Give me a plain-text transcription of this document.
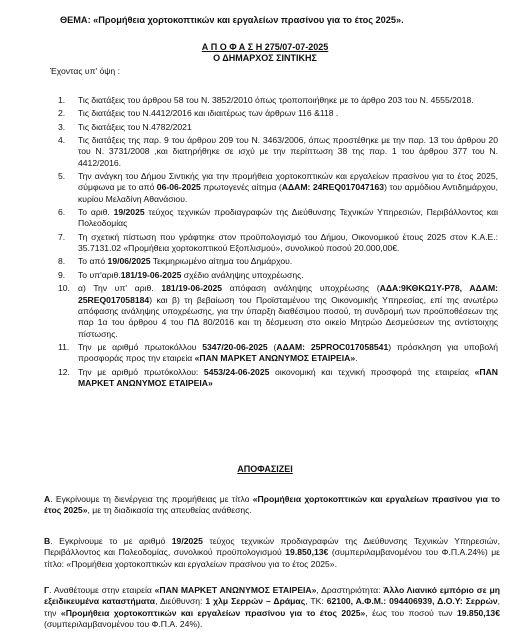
ΘΕΜΑ: «Προμήθεια χορτοκοπτικών και εργαλείων πρασίνου για το έτος 2025».
Α Π Ο Φ Α Σ Η 275/07-07-2025
Ο ΔΗΜΑΡΧΟΣ ΣΙΝΤΙΚΗΣ
Έχοντας υπ' όψη :
1. Τις διατάξεις του άρθρου 58 του Ν. 3852/2010 όπως τροποποιήθηκε με το άρθρο 203 του Ν. 4555/2018.
2. Τις διατάξεις του Ν.4412/2016 και ιδιαιτέρως των άρθρων 116 &118 .
3. Τις διατάξεις του Ν.4782/2021
4. Τις διατάξεις της παρ. 9 του άρθρου 209 του Ν. 3463/2006, όπως προστέθηκε με την παρ. 13 του άρθρου 20 του Ν. 3731/2008 ,και διατηρήθηκε σε ισχύ με την περίπτωση 38 της παρ. 1 του άρθρου 377 του Ν. 4412/2016.
5. Την ανάγκη του Δήμου Σιντικής για την προμήθεια χορτοκοπτικών και εργαλείων πρασίνου για το έτος 2025, σύμφωνα με το από 06-06-2025 πρωτογενές αίτημα (ΑΔΑΜ: 24REQ017047163) του αρμόδιου Αντιδημάρχου, κυρίου Μελαδίνη Αθανάσιου.
6. Το αριθ. 19/2025 τεύχος τεχνικών προδιαγραφών της Διεύθυνσης Τεχνικών Υπηρεσιών, Περιβάλλοντος και Πολεοδομίας
7. Τη σχετική πίστωση που γράφτηκε στον προϋπολογισμό του Δήμου, Οικονομικού έτους 2025 στον Κ.Α.Ε.: 35.7131.02 «Προμήθεια χορτοκοπτικού Εξοπλισμού», συνολικού ποσού 20.000,00€.
8. Το από 19/06/2025 Τεκμηριωμένο αίτημα του Δημάρχου.
9. Το υπ'αριθ.181/19-06-2025 σχέδιο ανάληψης υποχρέωσης.
10. α) Την υπ' αριθ. 181/19-06-2025 απόφαση ανάληψης υποχρέωσης (ΑΔΑ:9ΚΘΚΩ1Υ-Ρ78, ΑΔΑΜ: 25REQ017058184) και β) τη βεβαίωση του Προϊσταμένου της Οικονομικής Υπηρεσίας, επί της ανωτέρω απόφασης ανάληψης υποχρέωσης, για την ύπαρξη διαθέσιμου ποσού, τη συνδρομή των προϋποθέσεων της παρ 1α του άρθρου 4 του ΠΔ 80/2016 και τη δέσμευση στο οικείο Μητρώο Δεσμεύσεων της αντίστοιχης πίστωσης.
11. Την με αριθμό πρωτοκόλλου 5347/20-06-2025 (ΑΔΑΜ: 25PROC017058541) πρόσκληση για υποβολή προσφοράς προς την εταιρεία «ΠΑΝ ΜΑΡΚΕΤ ΑΝΩΝΥΜΟΣ ΕΤΑΙΡΕΙΑ».
12. Την με αριθμό πρωτόκολλου: 5453/24-06-2025 οικονομική και τεχνική προσφορά της εταιρείας «ΠΑΝ ΜΑΡΚΕΤ ΑΝΩΝΥΜΟΣ ΕΤΑΙΡΕΙΑ»
ΑΠΟΦΑΣΙΖΕΙ
Α. Εγκρίνουμε τη διενέργεια της προμήθειας με τίτλο «Προμήθεια χορτοκοπτικών και εργαλείων πρασίνου για το έτος 2025», με τη διαδικασία της απευθείας ανάθεσης.
Β. Εγκρίνουμε το με αριθμό 19/2025 τεύχος τεχνικών προδιαγραφών της Διεύθυνσης Τεχνικών Υπηρεσιών, Περιβάλλοντος και Πολεοδομίας, συνολικού προϋπολογισμού 19.850,13€ (συμπεριλαμβανομένου του Φ.Π.Α.24%) με τίτλο: «Προμήθεια χορτοκοπτικών και εργαλείων πρασίνου για το έτος 2025».
Γ. Αναθέτουμε στην εταιρεία «ΠΑΝ ΜΑΡΚΕΤ ΑΝΩΝΥΜΟΣ ΕΤΑΙΡΕΙΑ», Δραστηριότητα: Άλλο Λιανικό εμπόριο σε μη εξειδικευμένα καταστήματα, Διεύθυνση: 1 χλμ Σερρών – Δράμας, ΤΚ: 62100, Α.Φ.Μ.: 094406939, Δ.Ο.Υ: Σερρών, την «Προμήθεια χορτοκοπτικών και εργαλείων πρασίνου για το έτος 2025», έως του ποσού των 19.850,13€ (συμπεριλαμβανομένου του Φ.Π.Α. 24%).
